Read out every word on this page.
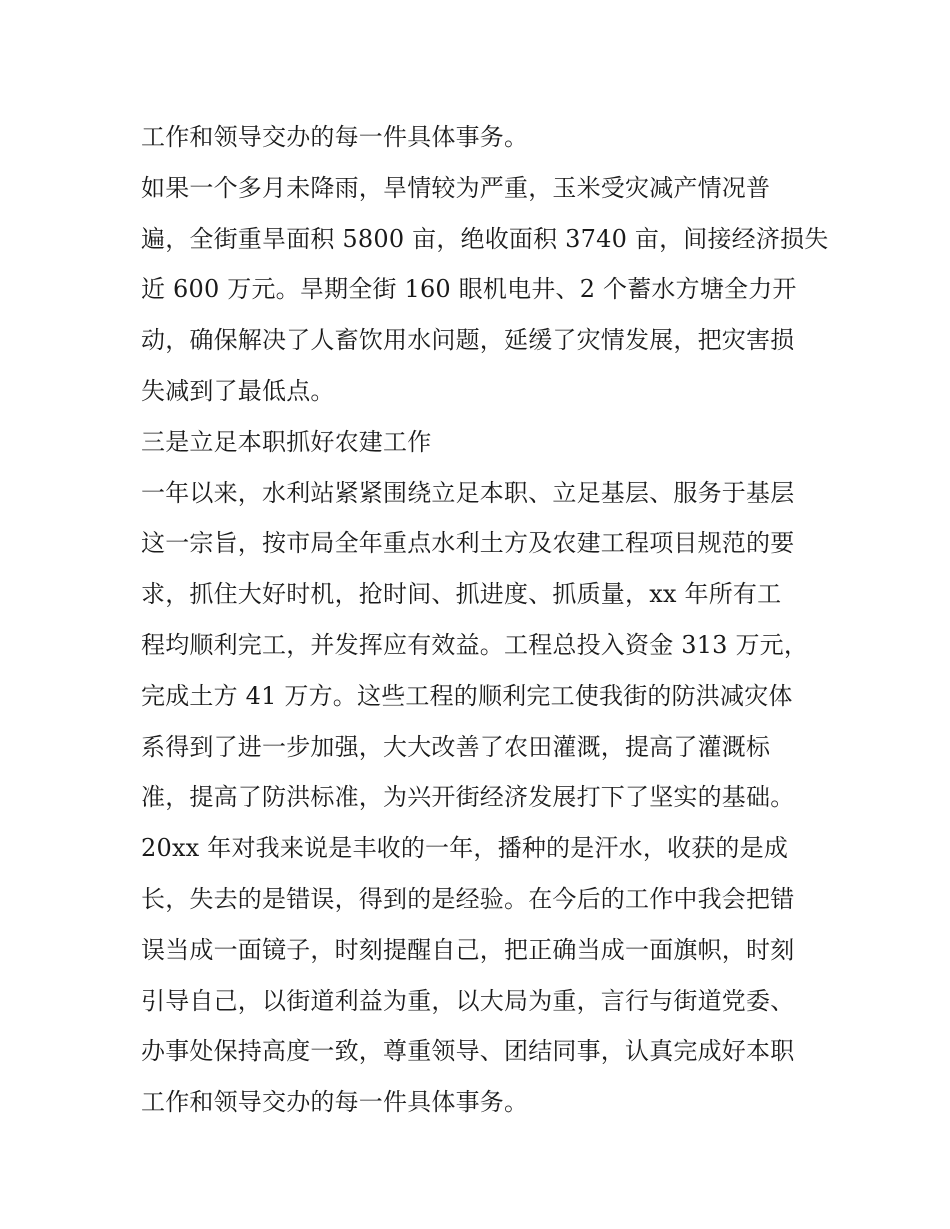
工作和领导交办的每一件具体事务。

如果一个多月未降雨，旱情较为严重，玉米受灾减产情况普
遍，全街重旱面积 5800 亩，绝收面积 3740 亩，间接经济损失
近 600 万元。旱期全街 160 眼机电井、2 个蓄水方塘全力开
动，确保解决了人畜饮用水问题，延缓了灾情发展，把灾害损
失减到了最低点。

三是立足本职抓好农建工作

一年以来，水利站紧紧围绕立足本职、立足基层、服务于基层
这一宗旨，按市局全年重点水利土方及农建工程项目规范的要
求，抓住大好时机，抢时间、抓进度、抓质量，xx 年所有工
程均顺利完工，并发挥应有效益。工程总投入资金 313 万元，
完成土方 41 万方。这些工程的顺利完工使我街的防洪减灾体
系得到了进一步加强，大大改善了农田灌溉，提高了灌溉标
准，提高了防洪标准，为兴开街经济发展打下了坚实的基础。

20xx 年对我来说是丰收的一年，播种的是汗水，收获的是成
长，失去的是错误，得到的是经验。在今后的工作中我会把错
误当成一面镜子，时刻提醒自己，把正确当成一面旗帜，时刻
引导自己，以街道利益为重，以大局为重，言行与街道党委、
办事处保持高度一致，尊重领导、团结同事，认真完成好本职
工作和领导交办的每一件具体事务。
